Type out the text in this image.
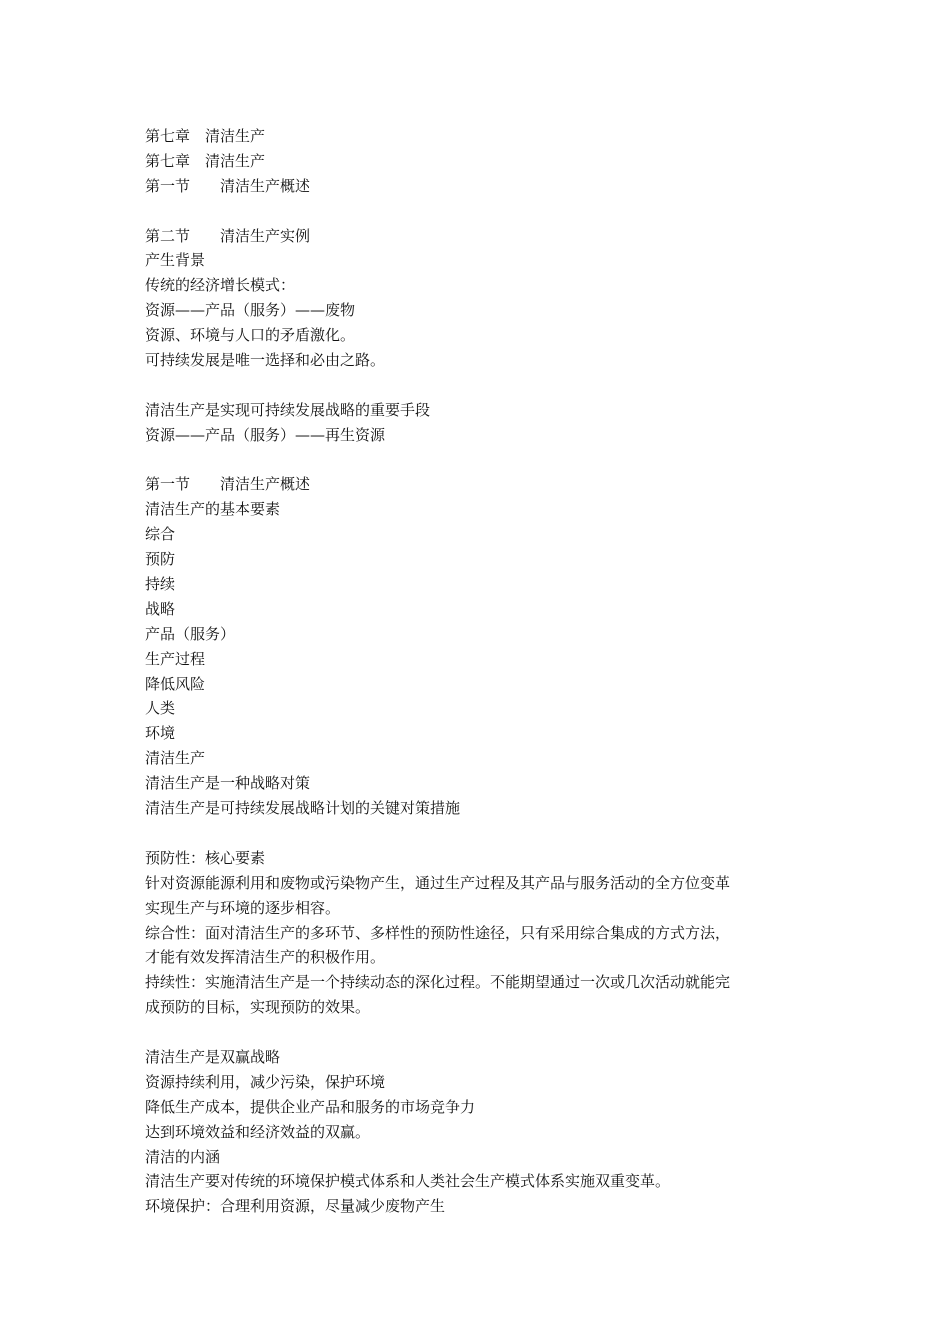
第七章　清洁生产
第七章　清洁生产
第一节　　清洁生产概述
第二节　　清洁生产实例
产生背景
传统的经济增长模式：
资源——产品（服务）——废物
资源、环境与人口的矛盾激化。
可持续发展是唯一选择和必由之路。
清洁生产是实现可持续发展战略的重要手段
资源——产品（服务）——再生资源
第一节　　清洁生产概述
清洁生产的基本要素
综合
预防
持续
战略
产品（服务）
生产过程
降低风险
人类
环境
清洁生产
清洁生产是一种战略对策
清洁生产是可持续发展战略计划的关键对策措施
预防性：核心要素
针对资源能源利用和废物或污染物产生，通过生产过程及其产品与服务活动的全方位变革
实现生产与环境的逐步相容。
综合性：面对清洁生产的多环节、多样性的预防性途径，只有采用综合集成的方式方法，
才能有效发挥清洁生产的积极作用。
持续性：实施清洁生产是一个持续动态的深化过程。不能期望通过一次或几次活动就能完
成预防的目标，实现预防的效果。
清洁生产是双赢战略
资源持续利用，减少污染，保护环境
降低生产成本，提供企业产品和服务的市场竞争力
达到环境效益和经济效益的双赢。
清洁的内涵
清洁生产要对传统的环境保护模式体系和人类社会生产模式体系实施双重变革。
环境保护：合理利用资源，尽量减少废物产生
